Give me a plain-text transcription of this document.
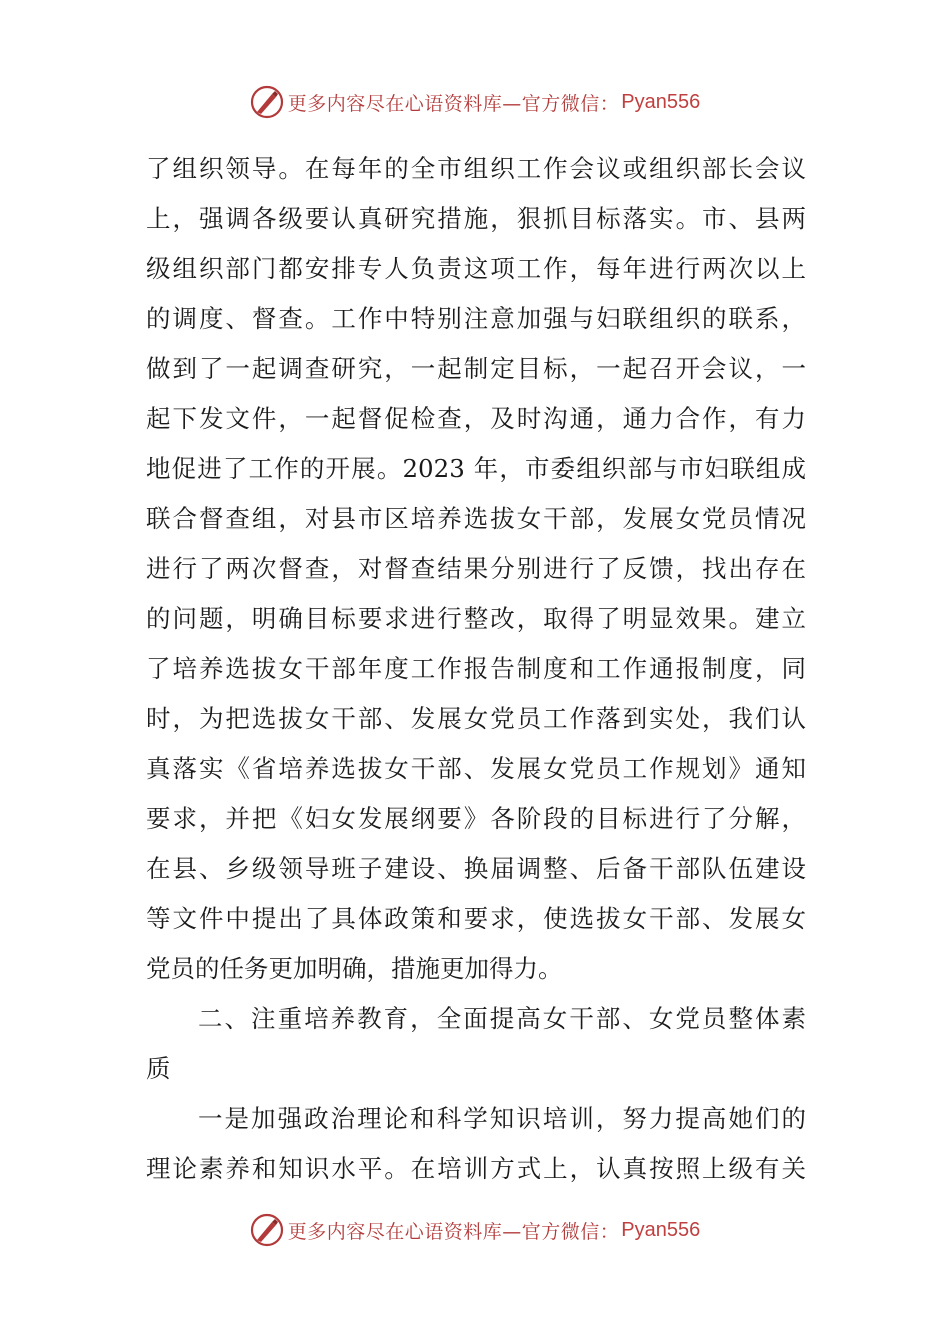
更多内容尽在心语资料库—官方微信： Pyan556
了组织领导。在每年的全市组织工作会议或组织部长会议
上，强调各级要认真研究措施，狠抓目标落实。市、县两
级组织部门都安排专人负责这项工作，每年进行两次以上
的调度、督查。工作中特别注意加强与妇联组织的联系，
做到了一起调查研究，一起制定目标，一起召开会议，一
起下发文件，一起督促检查，及时沟通，通力合作，有力
地促进了工作的开展。2023 年，市委组织部与市妇联组成
联合督查组，对县市区培养选拔女干部，发展女党员情况
进行了两次督查，对督查结果分别进行了反馈，找出存在
的问题，明确目标要求进行整改，取得了明显效果。建立
了培养选拔女干部年度工作报告制度和工作通报制度，同
时，为把选拔女干部、发展女党员工作落到实处，我们认
真落实《省培养选拔女干部、发展女党员工作规划》通知
要求，并把《妇女发展纲要》各阶段的目标进行了分解，
在县、乡级领导班子建设、换届调整、后备干部队伍建设
等文件中提出了具体政策和要求，使选拔女干部、发展女
党员的任务更加明确，措施更加得力。
二、注重培养教育，全面提高女干部、女党员整体素
质
一是加强政治理论和科学知识培训，努力提高她们的
理论素养和知识水平。在培训方式上，认真按照上级有关
更多内容尽在心语资料库—官方微信： Pyan556
